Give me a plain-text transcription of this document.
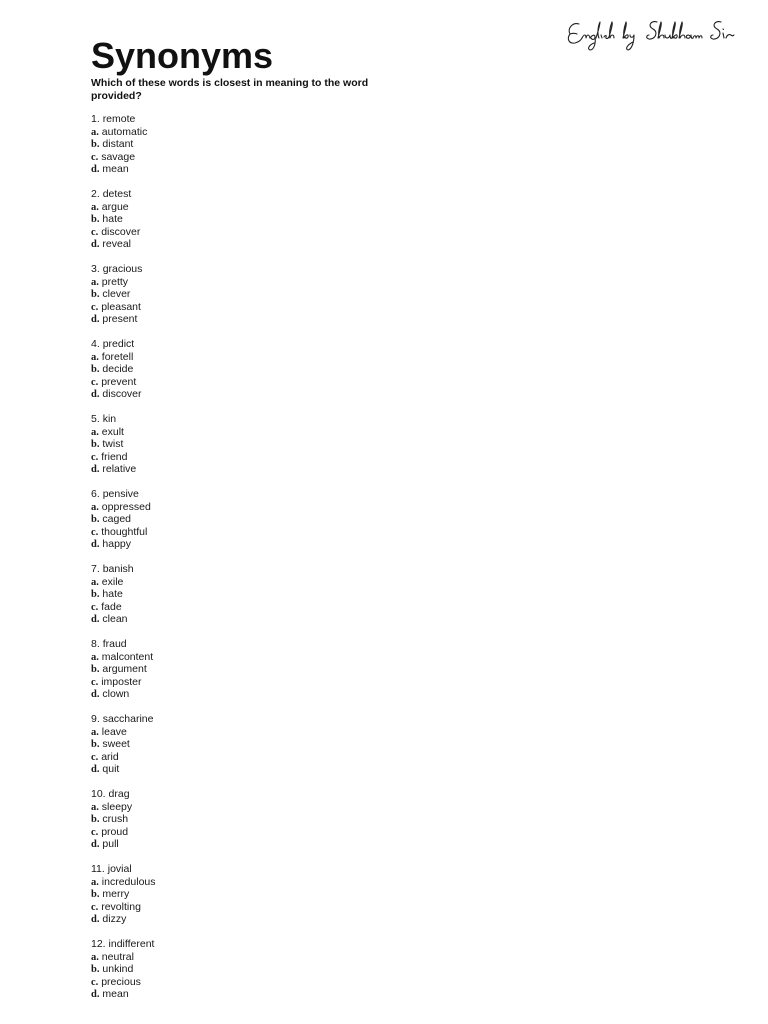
Synonyms

Which of these words is closest in meaning to the word provided?

1. remote
a. automatic
b. distant
c. savage
d. mean
2. detest
a. argue
b. hate
c. discover
d. reveal
3. gracious
a. pretty
b. clever
c. pleasant
d. present
4. predict
a. foretell
b. decide
c. prevent
d. discover
5. kin
a. exult
b. twist
c. friend
d. relative
6. pensive
a. oppressed
b. caged
c. thoughtful
d. happy
7. banish
a. exile
b. hate
c. fade
d. clean
8. fraud
a. malcontent
b. argument
c. imposter
d. clown
9. saccharine
a. leave
b. sweet
c. arid
d. quit
10. drag
a. sleepy
b. crush
c. proud
d. pull
11. jovial
a. incredulous
b. merry
c. revolting
d. dizzy
12. indifferent
a. neutral
b. unkind
c. precious
d. mean
